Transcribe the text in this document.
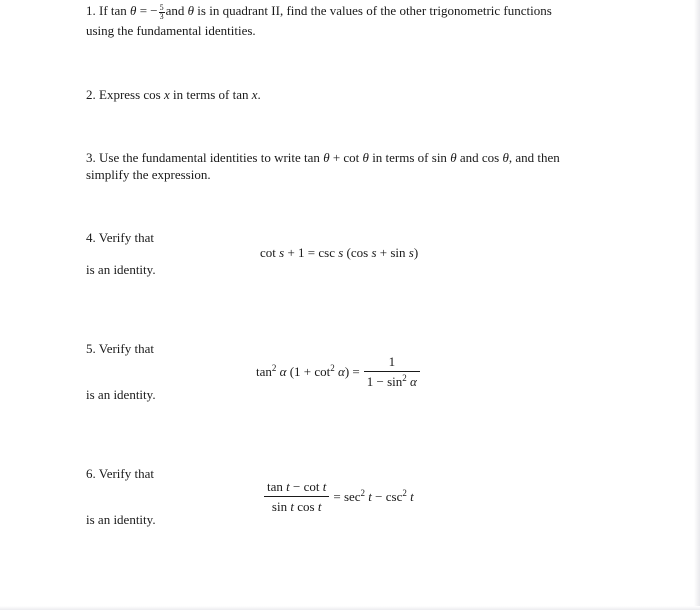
1. If tan θ = − $\frac{5}{3}$ and θ is in quadrant II, find the values of the other trigonometric functions
using the fundamental identities.
2. Express cos x in terms of tan x.
3. Use the fundamental identities to write tan θ + cot θ in terms of sin θ and cos θ, and then
simplify the expression.
4. Verify that
cot s + 1 = csc s (cos s + sin s)
is an identity.
5. Verify that
$\tan^2 \alpha$ $(1 + \cot^2 \alpha) = \frac{1}{1 - \sin^2 \alpha}$
is an identity.
6. Verify that
$\frac{\text{tan t − cot t}}{\text{sin t cos t}} = \sec^2 t - \csc^2 t$
is an identity.
